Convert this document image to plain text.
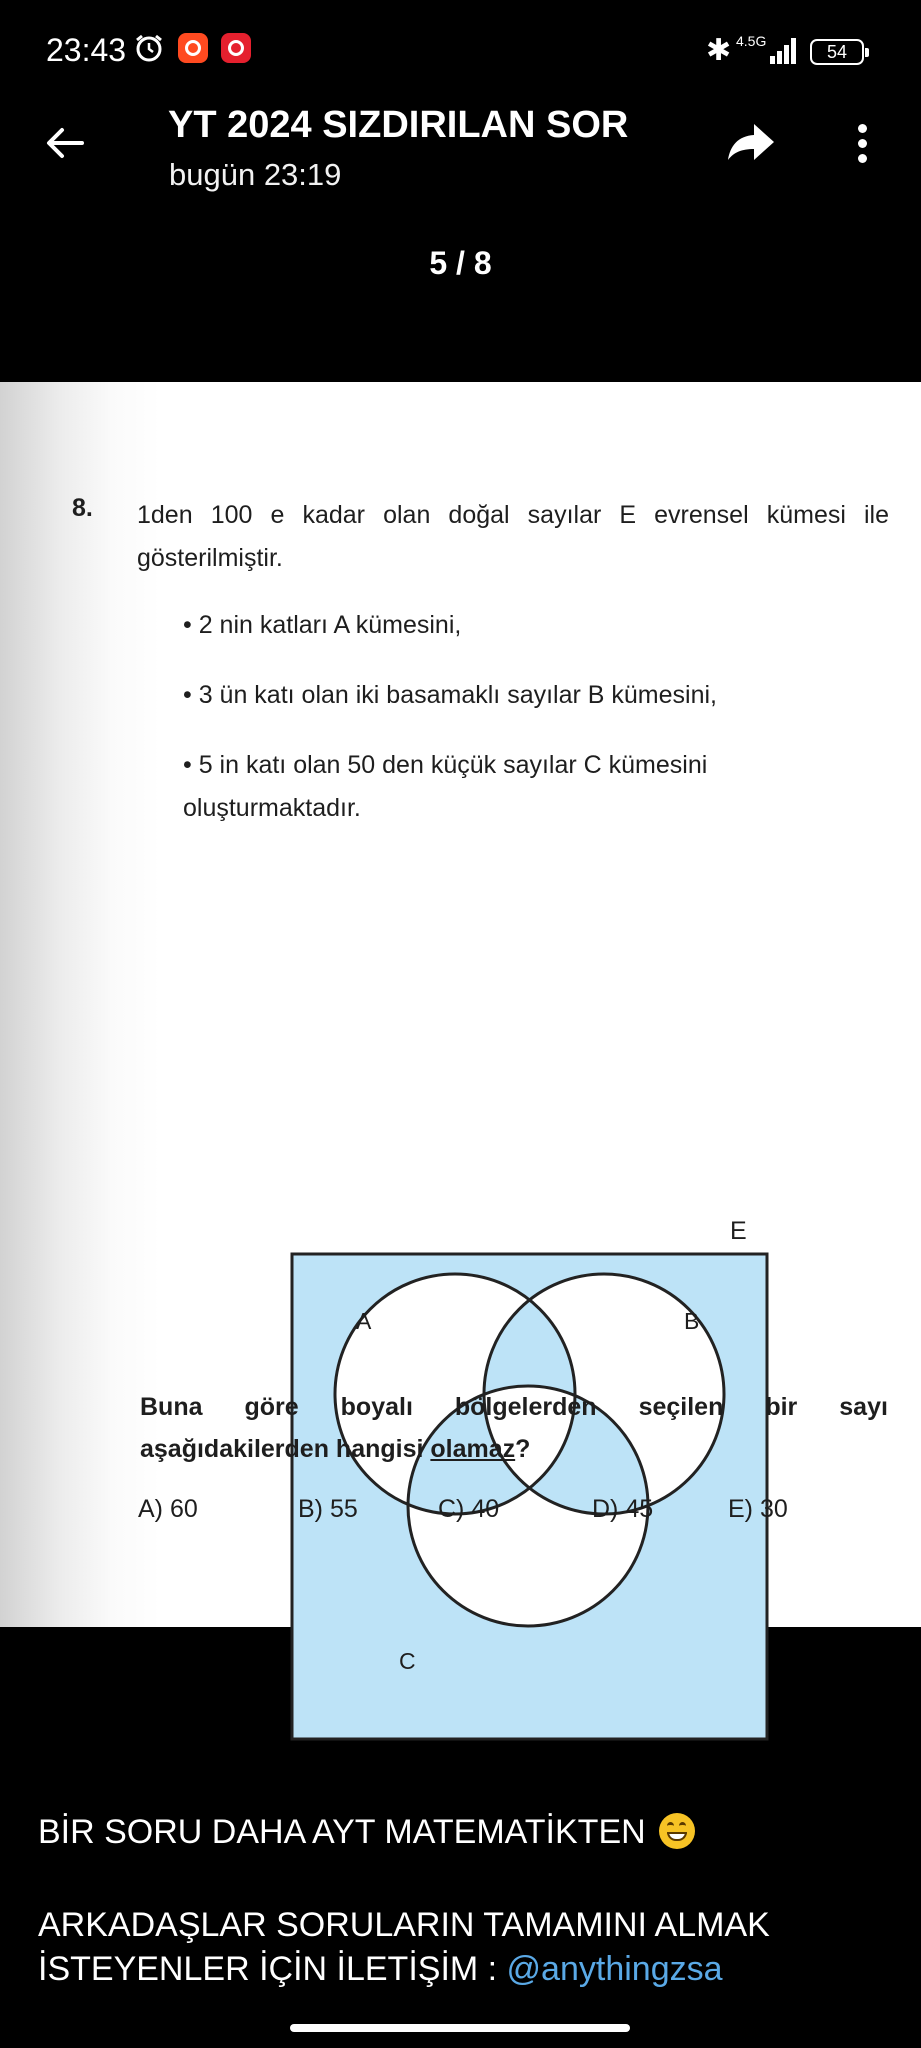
23:43	✱ 4.5G
54
YT 2024 SIZDIRILAN SOR
bugün 23:19
5 / 8
8. 1den 100 e kadar olan doğal sayılar E evrensel kümesi ile gösterilmiştir.
• 2 nin katları A kümesini,
• 3 ün katı olan iki basamaklı sayılar B kümesini,
• 5 in katı olan 50 den küçük sayılar C kümesini oluşturmaktadır.
E
A	B
C
Buna göre boyalı bölgelerden seçilen bir sayı
aşağıdakilerden hangisi olamaz?
A) 60	B) 55	C) 40	D) 45	E) 30
BİR SORU DAHA AYT MATEMATİKTEN
ARKADAŞLAR SORULARIN TAMAMINI ALMAK İSTEYENLER İÇİN İLETİŞİM : @anythingzsa
